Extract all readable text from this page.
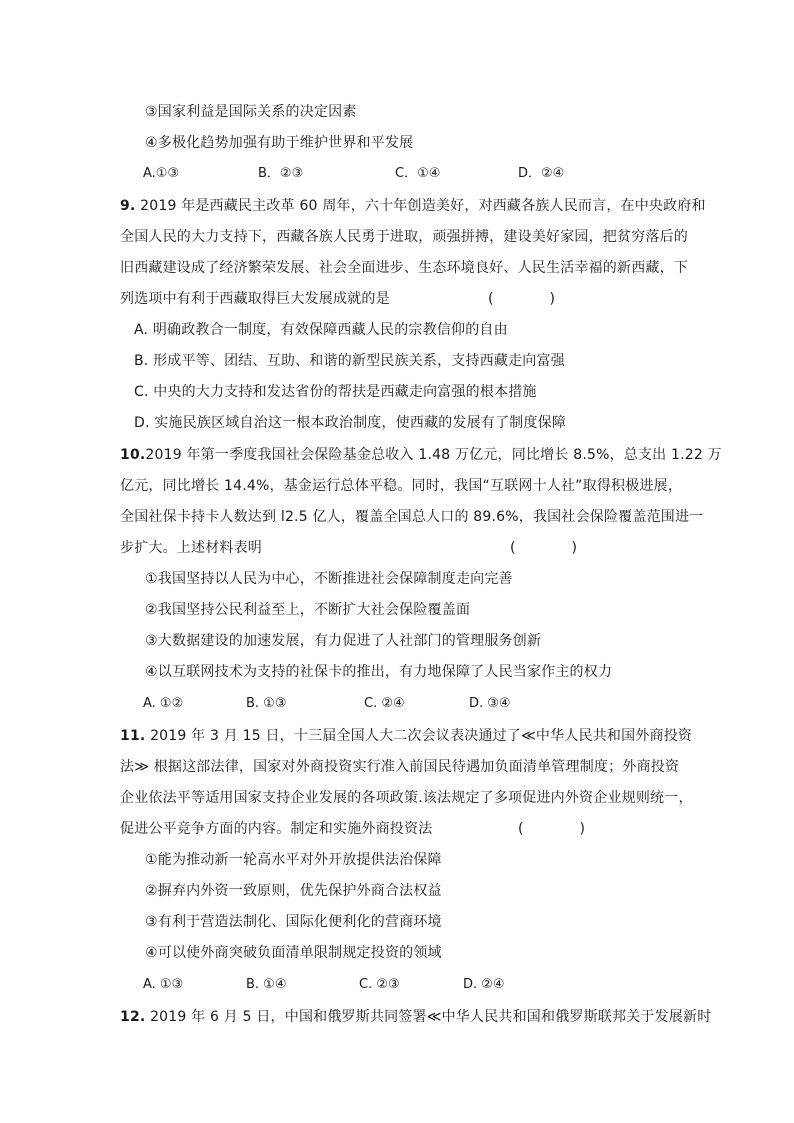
③国家利益是国际关系的决定因素
④多极化趋势加强有助于维护世界和平发展
A.①③	B．②③	C．①④	D．②④
9. 2019 年是西藏民主改革 60 周年，六十年创造美好，对西藏各族人民而言，在中央政府和
全国人民的大力支持下，西藏各族人民勇于进取，顽强拼搏，建设美好家园，把贫穷落后的
旧西藏建设成了经济繁荣发展、社会全面进步、生态环境良好、人民生活幸福的新西藏，下
列选项中有利于西藏取得巨大发展成就的是	(　　　　)
A. 明确政教合一制度，有效保障西藏人民的宗教信仰的自由
B. 形成平等、团结、互助、和谐的新型民族关系，支持西藏走向富强
C. 中央的大力支持和发达省份的帮扶是西藏走向富强的根本措施
D. 实施民族区域自治这一根本政治制度，使西藏的发展有了制度保障
10.2019 年第一季度我国社会保险基金总收入 1.48 万亿元，同比增长 8.5%，总支出 1.22 万
亿元，同比增长 14.4%，基金运行总体平稳。同时，我国“互联网十人社”取得积极进展，
全国社保卡持卡人数达到 l2.5 亿人，覆盖全国总人口的 89.6%，我国社会保险覆盖范围进一
步扩大。上述材料表明	(　　　　)
①我国坚持以人民为中心，不断推进社会保障制度走向完善
②我国坚持公民利益至上，不断扩大社会保险覆盖面
③大数据建设的加速发展，有力促进了人社部门的管理服务创新
④以互联网技术为支持的社保卡的推出，有力地保障了人民当家作主的权力
A. ①②	B. ①③	C. ②④	D. ③④
11. 2019 年 3 月 15 日，十三届全国人大二次会议表决通过了≪中华人民共和国外商投资
法≫ 根据这部法律，国家对外商投资实行准入前国民待遇加负面清单管理制度；外商投资
企业依法平等适用国家支持企业发展的各项政策.该法规定了多项促进内外资企业规则统一，
促进公平竞争方面的内容。制定和实施外商投资法	(　　　　)
①能为推动新一轮高水平对外开放提供法治保障
②摒弃内外资一致原则，优先保护外商合法权益
③有利于营造法制化、国际化便利化的营商环境
④可以使外商突破负面清单限制规定投资的领域
A. ①③	B. ①④	C. ②③	D. ②④
12. 2019 年 6 月 5 日，中国和俄罗斯共同签署≪中华人民共和国和俄罗斯联邦关于发展新时
